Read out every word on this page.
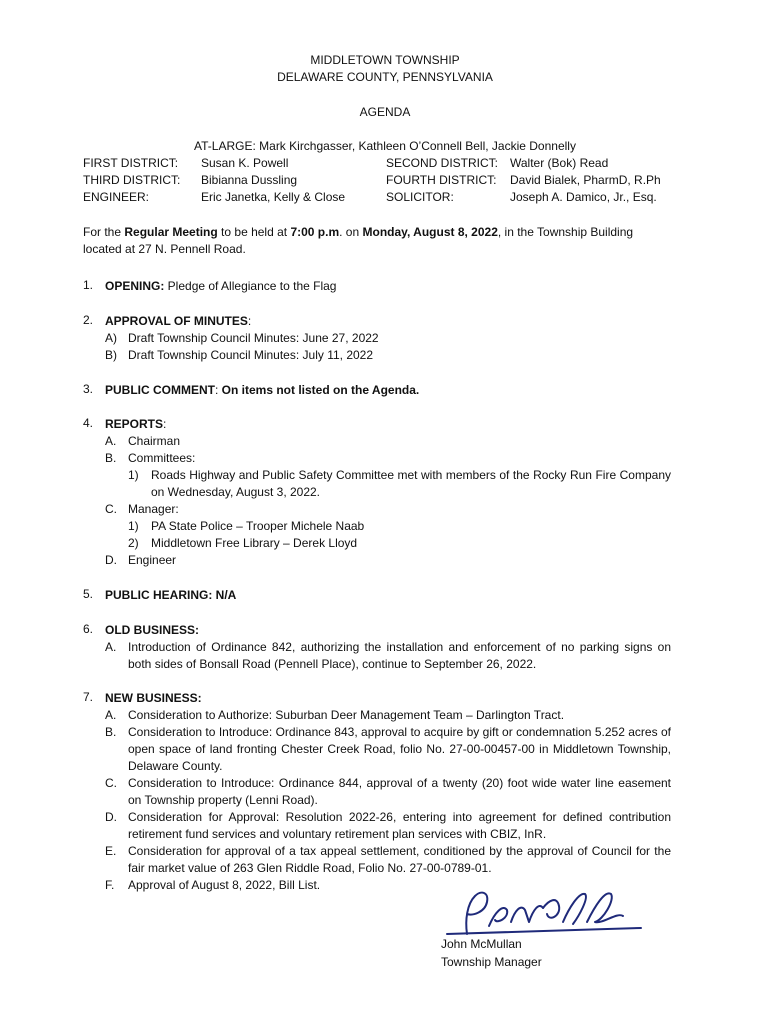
MIDDLETOWN TOWNSHIP
DELAWARE COUNTY, PENNSYLVANIA
AGENDA
AT-LARGE: Mark Kirchgasser, Kathleen O’Connell Bell, Jackie Donnelly
FIRST DISTRICT: Susan K. Powell
THIRD DISTRICT: Bibianna Dussling
ENGINEER:	Eric Janetka, Kelly & Close
SECOND DISTRICT: Walter (Bok) Read
FOURTH DISTRICT: David Bialek, PharmD, R.Ph
SOLICITOR:	Joseph A. Damico, Jr., Esq.
For the Regular Meeting to be held at 7:00 p.m. on Monday, August 8, 2022, in the Township Building located at 27 N. Pennell Road.
1. OPENING: Pledge of Allegiance to the Flag
2. APPROVAL OF MINUTES:
A) Draft Township Council Minutes: June 27, 2022
B) Draft Township Council Minutes: July 11, 2022
3. PUBLIC COMMENT: On items not listed on the Agenda.
4. REPORTS:
A. Chairman
B. Committees:
1) Roads Highway and Public Safety Committee met with members of the Rocky Run Fire Company on Wednesday, August 3, 2022.
C. Manager:
1) PA State Police – Trooper Michele Naab
2) Middletown Free Library – Derek Lloyd
D. Engineer
5. PUBLIC HEARING: N/A
6. OLD BUSINESS:
A. Introduction of Ordinance 842, authorizing the installation and enforcement of no parking signs on both sides of Bonsall Road (Pennell Place), continue to September 26, 2022.
7. NEW BUSINESS:
A. Consideration to Authorize: Suburban Deer Management Team – Darlington Tract.
B. Consideration to Introduce: Ordinance 843, approval to acquire by gift or condemnation 5.252 acres of open space of land fronting Chester Creek Road, folio No. 27-00-00457-00 in Middletown Township, Delaware County.
C. Consideration to Introduce: Ordinance 844, approval of a twenty (20) foot wide water line easement on Township property (Lenni Road).
D. Consideration for Approval: Resolution 2022-26, entering into agreement for defined contribution retirement fund services and voluntary retirement plan services with CBIZ, InR.
E. Consideration for approval of a tax appeal settlement, conditioned by the approval of Council for the fair market value of 263 Glen Riddle Road, Folio No. 27-00-0789-01.
F. Approval of August 8, 2022, Bill List.
John McMullan
Township Manager
